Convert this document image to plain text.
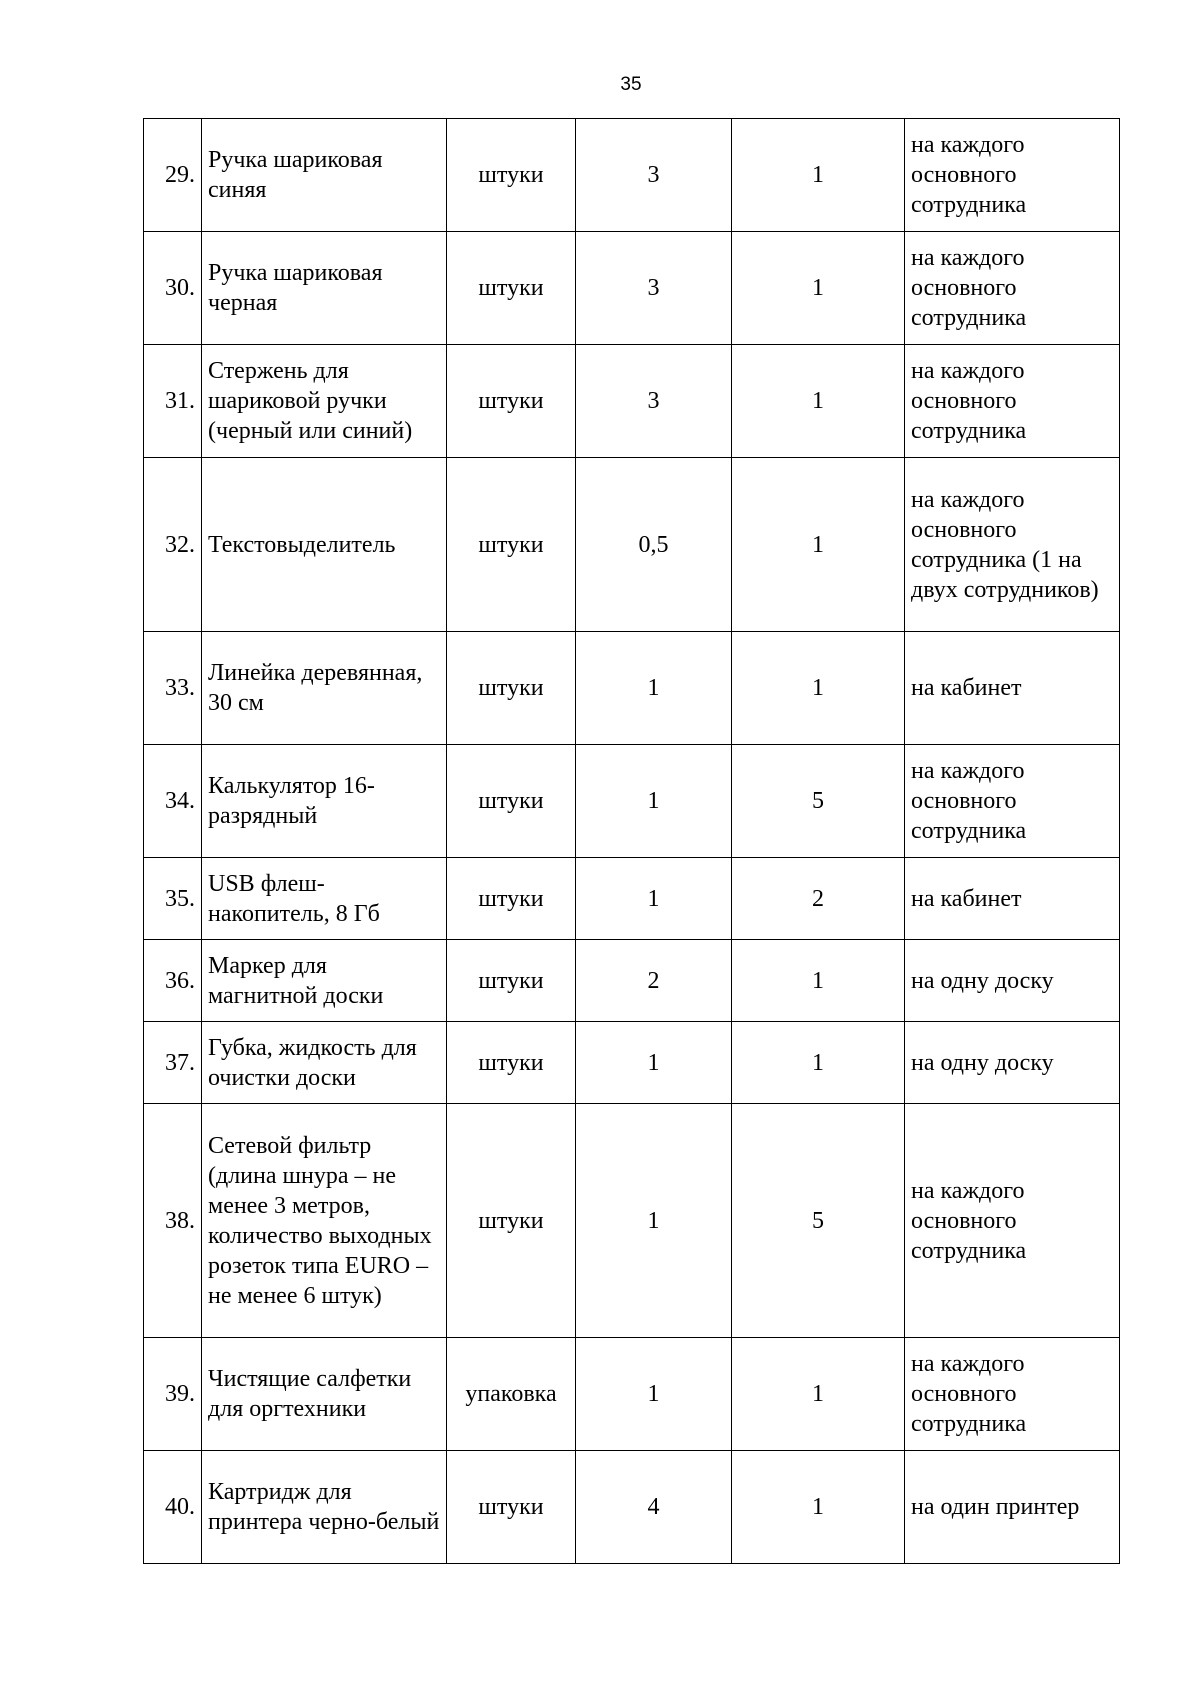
35
29.	Ручка шариковая синяя	штуки	3	1	на каждого основного сотрудника
30.	Ручка шариковая черная	штуки	3	1	на каждого основного сотрудника
31.	Стержень для шариковой ручки (черный или синий)	штуки	3	1	на каждого основного сотрудника
32.	Текстовыделитель	штуки	0,5	1	на каждого основного сотрудника (1 на двух сотрудников)
33.	Линейка деревянная, 30 см	штуки	1	1	на кабинет
34.	Калькулятор 16-разрядный	штуки	1	5	на каждого основного сотрудника
35.	USB флеш-накопитель, 8 Гб	штуки	1	2	на кабинет
36.	Маркер для магнитной доски	штуки	2	1	на одну доску
37.	Губка, жидкость для очистки доски	штуки	1	1	на одну доску
38.	Сетевой фильтр (длина шнура – не менее 3 метров, количество выходных розеток типа EURO – не менее 6 штук)	штуки	1	5	на каждого основного сотрудника
39.	Чистящие салфетки для оргтехники	упаковка	1	1	на каждого основного сотрудника
40.	Картридж для принтера черно-белый	штуки	4	1	на один принтер
